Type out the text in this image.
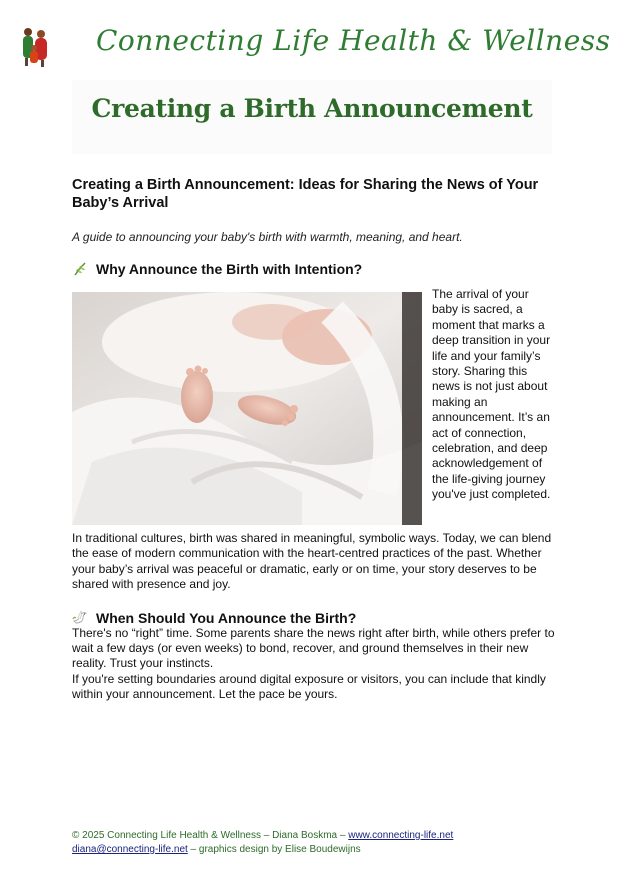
Connecting Life Health & Wellness
Creating a Birth Announcement
Creating a Birth Announcement: Ideas for Sharing the News of Your Baby’s Arrival

A guide to announcing your baby's birth with warmth, meaning, and heart.

Why Announce the Birth with Intention?
The arrival of your baby is sacred, a moment that marks a deep transition in your life and your family’s story. Sharing this news is not just about making an announcement. It’s an act of connection, celebration, and deep acknowledgement of the life-giving journey you've just completed.

In traditional cultures, birth was shared in meaningful, symbolic ways. Today, we can blend the ease of modern communication with the heart-centred practices of the past. Whether your baby’s arrival was peaceful or dramatic, early or on time, your story deserves to be shared with presence and joy.

When Should You Announce the Birth?

There's no “right” time. Some parents share the news right after birth, while others prefer to wait a few days (or even weeks) to bond, recover, and ground themselves in their new reality. Trust your instincts.

If you're setting boundaries around digital exposure or visitors, you can include that kindly within your announcement. Let the pace be yours.

© 2025 Connecting Life Health & Wellness – Diana Boskma – www.connecting-life.net
diana@connecting-life.net – graphics design by Elise Boudewijns
